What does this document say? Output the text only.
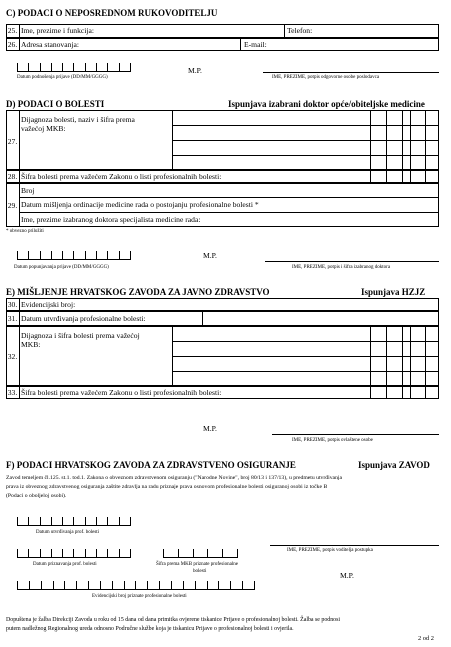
C) PODACI O NEPOSREDNOM RUKOVODITELJU
25. Ime, prezime i funkcija:	Telefon:
26. Adresa stanovanja:	E-mail:
Datum podnošenja prijave (DD/MM/GGGG)
M.P.
IME, PREZIME, potpis odgovorne osobe poslodavca
D) PODACI O BOLESTI	Ispunjava izabrani doktor opće/obiteljske medicine
27.
Dijagnoza bolesti, naziv i šifra prema
važećoj MKB:
28. Šifra bolesti prema važećem Zakonu o listi profesionalnih bolesti:
29.
Broj
Datum mišljenja ordinacije medicine rada o postojanju profesionalne bolesti *
Ime, prezime izabranog doktora specijalista medicine rada:
* obvezno priložiti
Datum popunjavanja prijave (DD/MM/GGGG)
M.P.
IME, PREZIME, potpis i šifra izabranog doktora
E) MIŠLJENJE HRVATSKOG ZAVODA ZA JAVNO ZDRAVSTVO	Ispunjava HZJZ
30. Evidencijski broj:
31. Datum utvrđivanja profesionalne bolesti:
32.
Dijagnoza i šifra bolesti prema važećoj
MKB:
33. Šifra bolesti prema važećem Zakonu o listi profesionalnih bolesti:
M.P.
IME, PREZIME, potpis ovlaštene osobe
F) PODACI HRVATSKOG ZAVODA ZA ZDRAVSTVENO OSIGURANJE	Ispunjava ZAVOD
Zavod temeljem čl.125. st.1. tod.1. Zakona o obveznom zdravstvenom osiguranju ("Narodne Novine", broj 80/13 i 137/13), u predmetu utvrđivanja
prava iz obveznog zdravstvenog osiguranja zaštite zdravlja na radu priznaje prava osnovom profesionalne bolesti osiguranoj osobi iz točke B
(Podaci o oboljeloj osobi).
Datum utvrđivanja prof. bolesti
Datum priznavanja prof. bolesti	Šifra prema MKB priznate profesionalne
bolesti
Evidencijski broj priznate profesionalne bolesti
IME, PREZIME, potpis voditelja postupka
M.P.
Dopuštena je žalba Direkciji Zavoda u roku od 15 dana od dana primitka ovjerene tiskanice Prijave o profesionalnoj bolesti. Žalba se podnosi
putem nadležnog Regionalnog ureda odnosno Područne službe koja je tiskanicu Prijave o profesionalnoj bolesti i ovjerila.
2 od 2
